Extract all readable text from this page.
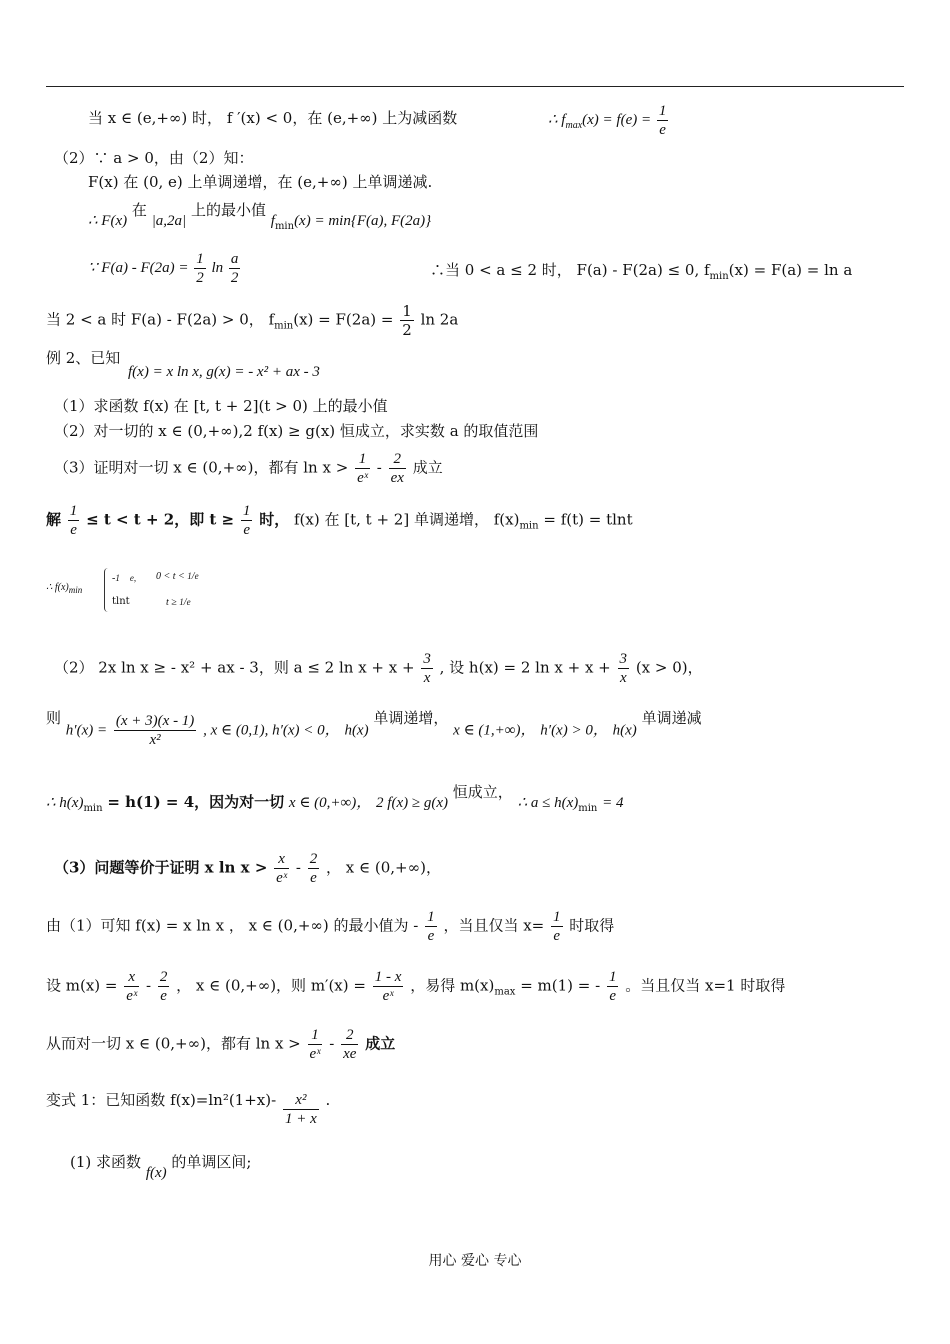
当 x ∈ (e,+∞) 时， f ′(x) < 0，在 (e,+∞) 上为减函数	∴ $f_{max}(x) = f(e) = \frac{1}{e}$
（2）∵ a > 0，由（2）知：
F(x) 在 (0, e) 上单调递增，在 (e,+∞) 上单调递减.
∴ F(x) 在 |a,2a| 上的最小值 $f_{min}(x) = \min\{F(a)$, F(2a)}
∵ $F(a) - F(2a) = \frac{1}{2}$ $\ln \frac{a}{2}$	∴当 0 < a ≤ 2 时， F(a) - F(2a) ≤ 0, $f_{min}(x) = F(a) = \ln a$
当 2 < a 时 F(a) - F(2a) > 0， $f_{min}(x) = F(2a) = \frac{1}{2}$ ln 2a
例 2、已知
f(x) = x ln x, g(x) = - x² + ax - 3
（1）求函数 f(x) 在 [t, t + 2](t > 0) 上的最小值
（2）对一切的 x ∈ (0,+∞),2 f(x) ≥ g(x) 恒成立，求实数 a 的取值范围
（3）证明对一切 x ∈ (0,+∞)，都有 $\ln x > \frac{1}{\text{eˣ}} - \frac{2}{ex}$ 成立
解 $\frac{1}{e} \le t < t + 2$，即 $t \ge \frac{1}{e}$ 时， f(x) 在 [t, t + 2] 单调递增， $f(x)_{min} = f(t) = tlnt$
∴ $f(x)_{min}$
-1 e, 0 < t < 1/e
tlnt	t ≥ 1/e
（2） 2x ln x ≥ - x² + ax - 3，则 a ≤ 2 $\ln x + x + \frac{3}{x}$ , 设 h(x) = 2 $\ln x + x + \frac{3}{x} (x > 0)$，
则 $h'(x) = \frac{(x + 3)(x - 1)}{\text{x²}}$ , x ∈ (0,1), h′(x) < 0， h(x) 单调递增， x ∈ (1,+∞)， h′(x) > 0， h(x) 单调递减
∴ $h(x)_{min} = h(1) = 4$，因为对一切 x ∈ (0,+∞)， 2 f(x) ≥ g(x) 恒成立， ∴ $a \le h(x)_{min} = 4$
（3）问题等价于证明 x $\ln x > \frac{x}{\text{eˣ}} - \frac{2}{e}$ ， x ∈ (0,+∞)，
由（1）可知 f(x) = x ln x ， x ∈ (0,+∞) 的最小值为 - $\frac{1}{e}$ ，当且仅当 $x= \frac{1}{e}$ 时取得
设 $m(x) = \frac{x}{\text{eˣ}} - \frac{2}{e}$ ， x ∈ (0,+∞)，则 $m'(x) = \frac{1 - x}{\text{eˣ}}$ ，易得 $m(x)_{max} = m(1)$ = - $\frac{1}{e}$ 。当且仅当 x=1 时取得
从而对一切 x ∈ (0,+∞)，都有 $\ln x > \frac{1}{\text{eˣ}} - \frac{2}{xe}$ 成立
变式 1：已知函数 $f(x)=\ln^2(1+x)- \frac{\text{x²}}{1 + x}$ .
(1) 求函数 f(x) 的单调区间;
用心 爱心 专心
